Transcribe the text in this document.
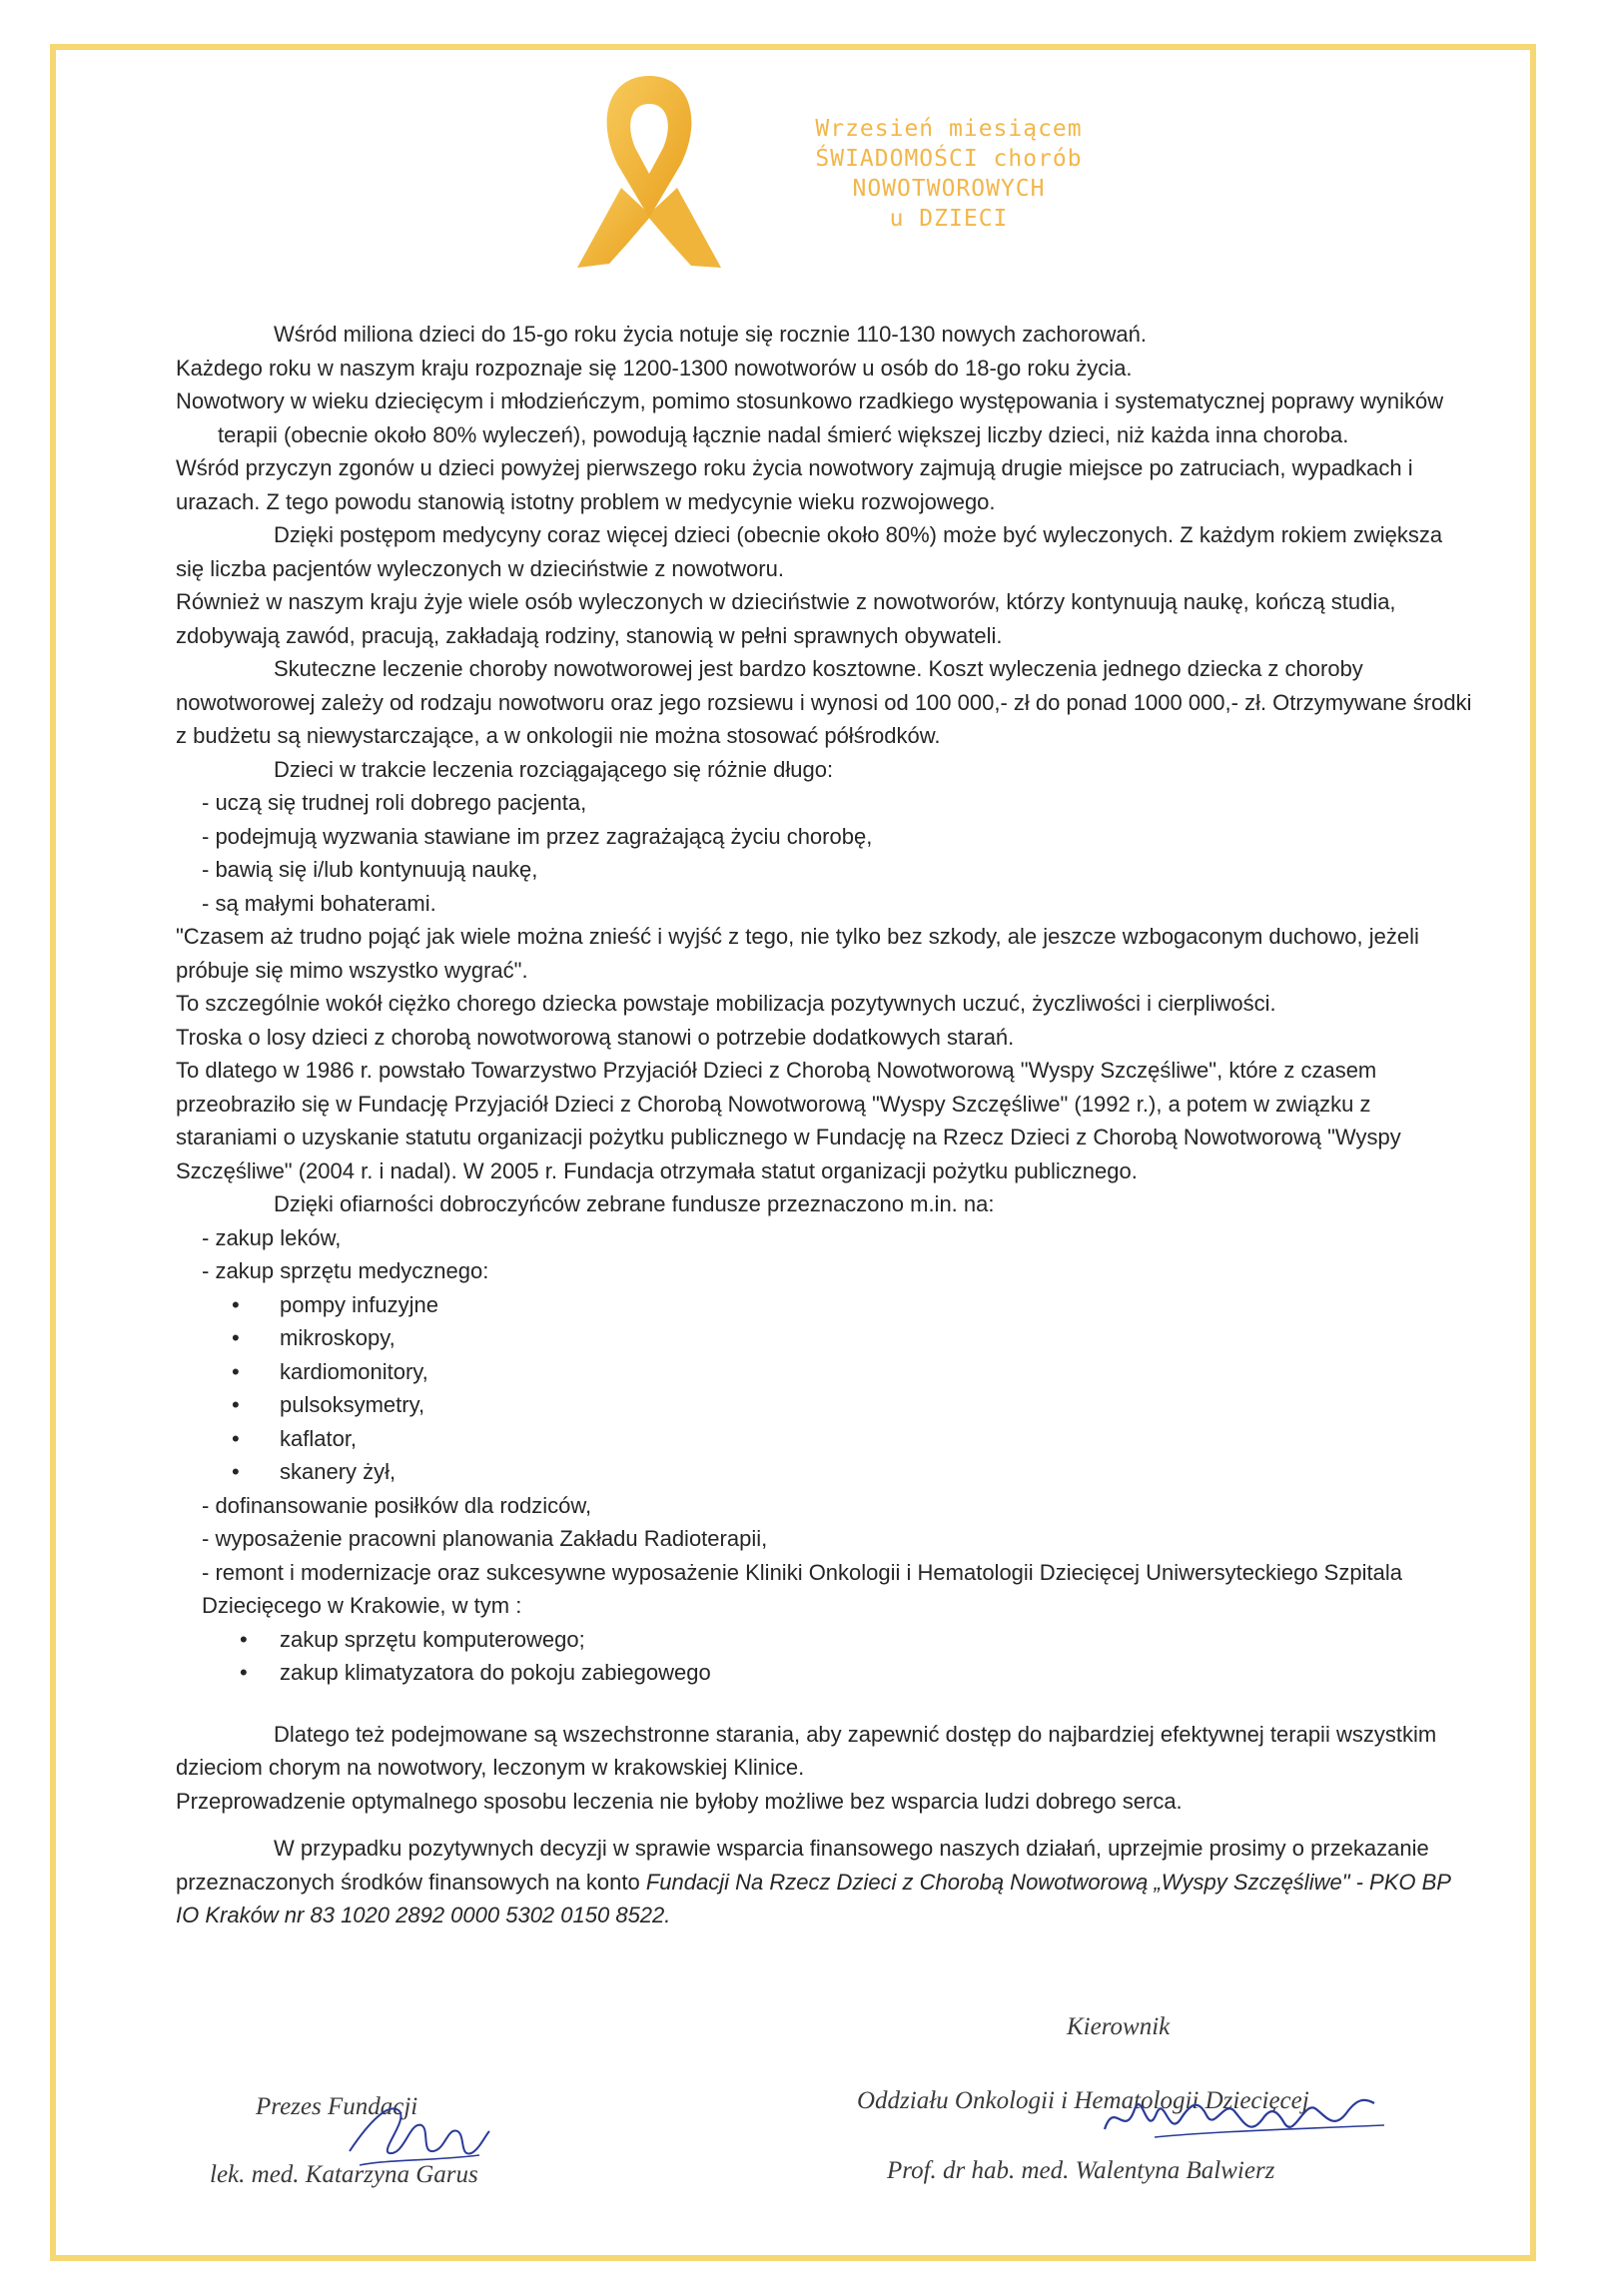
Wrzesień miesiącem
ŚWIADOMOŚCI chorób
NOWOTWOROWYCH
u DZIECI

Wśród miliona dzieci do 15-go roku życia notuje się rocznie 110-130 nowych zachorowań.

Każdego roku w naszym kraju rozpoznaje się 1200-1300 nowotworów u osób do 18-go roku życia.

Nowotwory w wieku dziecięcym i młodzieńczym, pomimo stosunkowo rzadkiego występowania i systematycznej poprawy wyników terapii (obecnie około 80% wyleczeń), powodują łącznie nadal śmierć większej liczby dzieci, niż każda inna choroba.

Wśród przyczyn zgonów u dzieci powyżej pierwszego roku życia nowotwory zajmują drugie miejsce po zatruciach, wypadkach i urazach. Z tego powodu stanowią istotny problem w medycynie wieku rozwojowego.

Dzięki postępom medycyny coraz więcej dzieci (obecnie około 80%) może być wyleczonych. Z każdym rokiem zwiększa się liczba pacjentów wyleczonych w dzieciństwie z nowotworu.

Również w naszym kraju żyje wiele osób wyleczonych w dzieciństwie z nowotworów, którzy kontynuują naukę, kończą studia, zdobywają zawód, pracują, zakładają rodziny, stanowią w pełni sprawnych obywateli.

Skuteczne leczenie choroby nowotworowej jest bardzo kosztowne. Koszt wyleczenia jednego dziecka z choroby nowotworowej zależy od rodzaju nowotworu oraz jego rozsiewu i wynosi od 100 000,- zł do ponad 1000 000,- zł. Otrzymywane środki z budżetu są niewystarczające, a w onkologii nie można stosować półśrodków.

Dzieci w trakcie leczenia rozciągającego się różnie długo:

- uczą się trudnej roli dobrego pacjenta,
- podejmują wyzwania stawiane im przez zagrażającą życiu chorobę,
- bawią się i/lub kontynuują naukę,
- są małymi bohaterami.

"Czasem aż trudno pojąć jak wiele można znieść i wyjść z tego, nie tylko bez szkody, ale jeszcze wzbogaconym duchowo, jeżeli próbuje się mimo wszystko wygrać".

To szczególnie wokół ciężko chorego dziecka powstaje mobilizacja pozytywnych uczuć, życzliwości i cierpliwości.

Troska o losy dzieci z chorobą nowotworową stanowi o potrzebie dodatkowych starań.

To dlatego w 1986 r. powstało Towarzystwo Przyjaciół Dzieci z Chorobą Nowotworową "Wyspy Szczęśliwe", które z czasem przeobraziło się w Fundację Przyjaciół Dzieci z Chorobą Nowotworową "Wyspy Szczęśliwe" (1992 r.), a potem w związku z staraniami o uzyskanie statutu organizacji pożytku publicznego w Fundację na Rzecz Dzieci z Chorobą Nowotworową "Wyspy Szczęśliwe" (2004 r. i nadal). W 2005 r. Fundacja otrzymała statut organizacji pożytku publicznego.

Dzięki ofiarności dobroczyńców zebrane fundusze przeznaczono m.in. na:

- zakup leków,
- zakup sprzętu medycznego:
• pompy infuzyjne
• mikroskopy,
• kardiomonitory,
• pulsoksymetry,
• kaflator,
• skanery żył,
- dofinansowanie posiłków dla rodziców,
- wyposażenie pracowni planowania Zakładu Radioterapii,
- remont i modernizacje oraz sukcesywne wyposażenie Kliniki Onkologii i Hematologii Dziecięcej Uniwersyteckiego Szpitala Dziecięcego w Krakowie, w tym :
• zakup sprzętu komputerowego;
• zakup klimatyzatora do pokoju zabiegowego

Dlatego też podejmowane są wszechstronne starania, aby zapewnić dostęp do najbardziej efektywnej terapii wszystkim dzieciom chorym na nowotwory, leczonym w krakowskiej Klinice.

Przeprowadzenie optymalnego sposobu leczenia nie byłoby możliwe bez wsparcia ludzi dobrego serca.

W przypadku pozytywnych decyzji w sprawie wsparcia finansowego naszych działań, uprzejmie prosimy o przekazanie przeznaczonych środków finansowych na konto Fundacji Na Rzecz Dzieci z Chorobą Nowotworową „Wyspy Szczęśliwe" - PKO BP IO Kraków nr 83 1020 2892 0000 5302 0150 8522.

Kierownik
Oddziału Onkologii i Hematologii Dziecięcej
Prof. dr hab. med. Walentyna Balwierz
Prezes Fundacji
lek. med. Katarzyna Garus
